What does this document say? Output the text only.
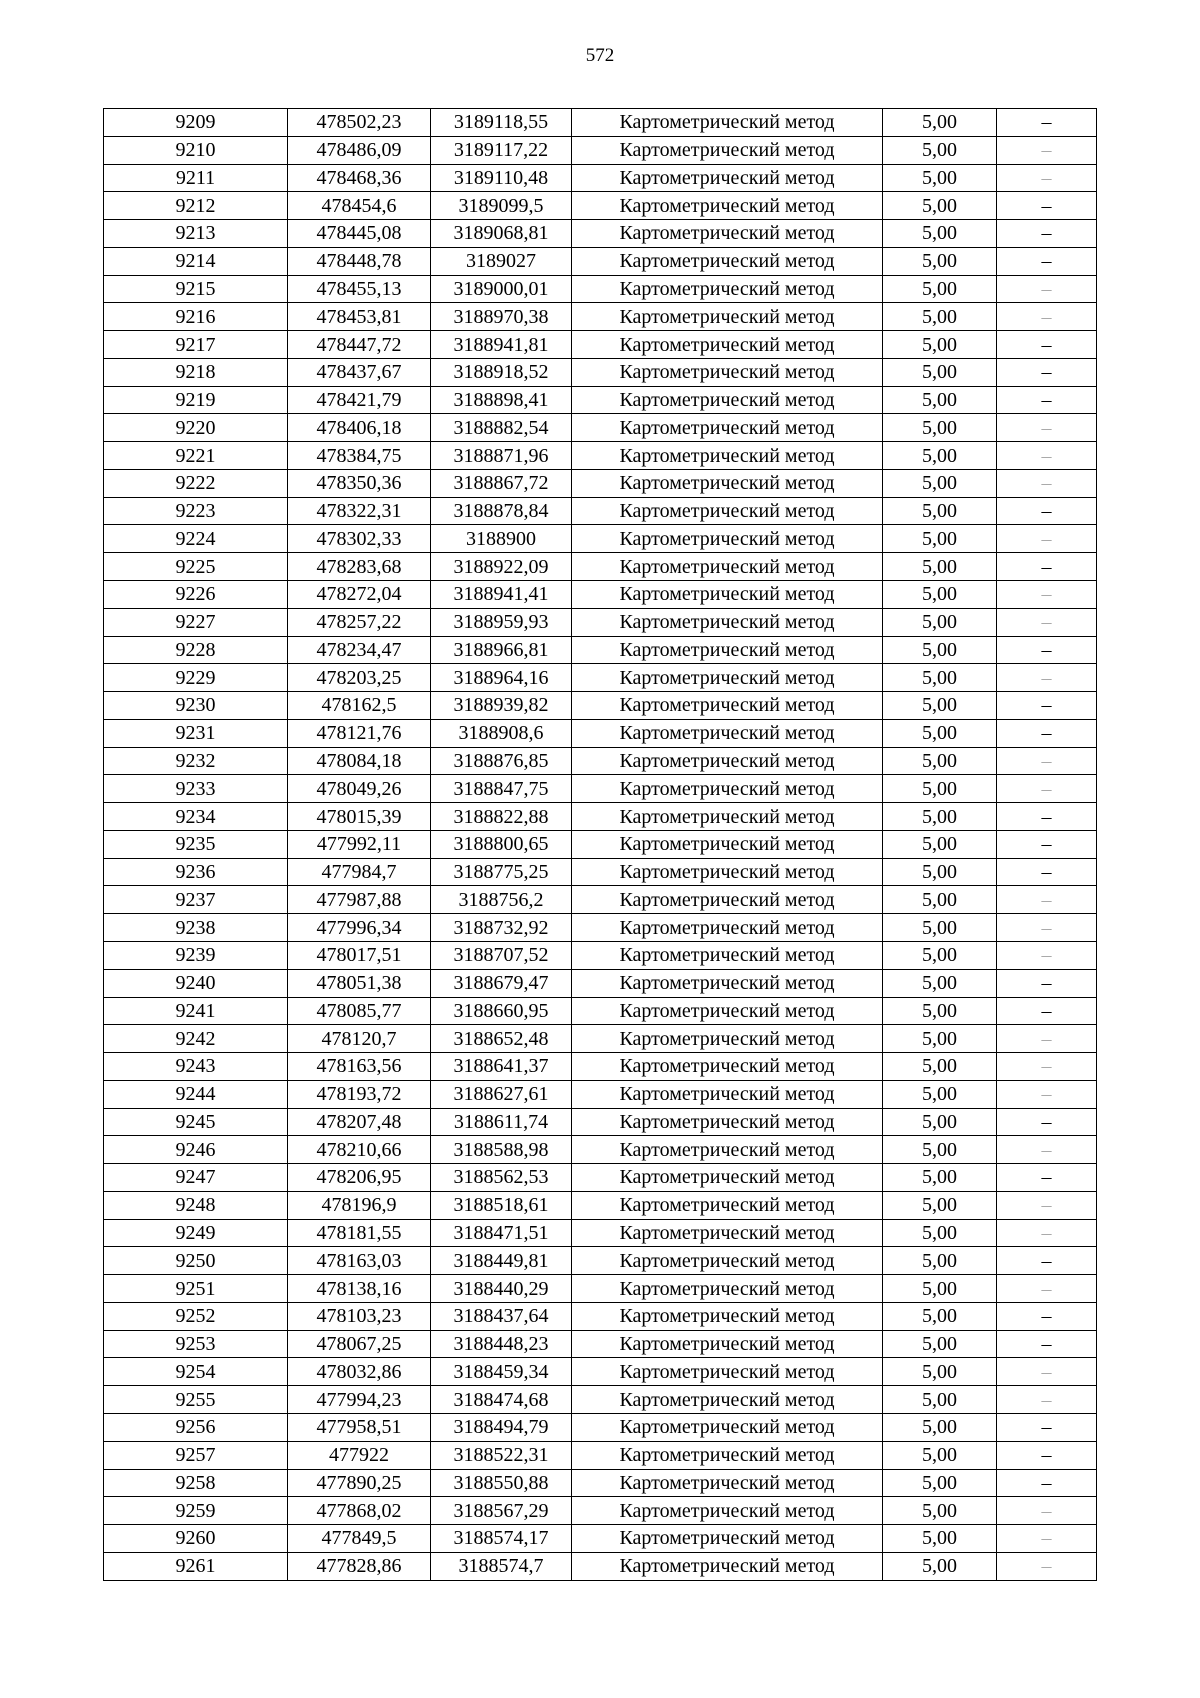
572
9209	478502,23	3189118,55	Картометрический метод	5,00	–
9210	478486,09	3189117,22	Картометрический метод	5,00	–
9211	478468,36	3189110,48	Картометрический метод	5,00	–
9212	478454,6	3189099,5	Картометрический метод	5,00	–
9213	478445,08	3189068,81	Картометрический метод	5,00	–
9214	478448,78	3189027	Картометрический метод	5,00	–
9215	478455,13	3189000,01	Картометрический метод	5,00	–
9216	478453,81	3188970,38	Картометрический метод	5,00	–
9217	478447,72	3188941,81	Картометрический метод	5,00	–
9218	478437,67	3188918,52	Картометрический метод	5,00	–
9219	478421,79	3188898,41	Картометрический метод	5,00	–
9220	478406,18	3188882,54	Картометрический метод	5,00	–
9221	478384,75	3188871,96	Картометрический метод	5,00	–
9222	478350,36	3188867,72	Картометрический метод	5,00	–
9223	478322,31	3188878,84	Картометрический метод	5,00	–
9224	478302,33	3188900	Картометрический метод	5,00	–
9225	478283,68	3188922,09	Картометрический метод	5,00	–
9226	478272,04	3188941,41	Картометрический метод	5,00	–
9227	478257,22	3188959,93	Картометрический метод	5,00	–
9228	478234,47	3188966,81	Картометрический метод	5,00	–
9229	478203,25	3188964,16	Картометрический метод	5,00	–
9230	478162,5	3188939,82	Картометрический метод	5,00	–
9231	478121,76	3188908,6	Картометрический метод	5,00	–
9232	478084,18	3188876,85	Картометрический метод	5,00	–
9233	478049,26	3188847,75	Картометрический метод	5,00	–
9234	478015,39	3188822,88	Картометрический метод	5,00	–
9235	477992,11	3188800,65	Картометрический метод	5,00	–
9236	477984,7	3188775,25	Картометрический метод	5,00	–
9237	477987,88	3188756,2	Картометрический метод	5,00	–
9238	477996,34	3188732,92	Картометрический метод	5,00	–
9239	478017,51	3188707,52	Картометрический метод	5,00	–
9240	478051,38	3188679,47	Картометрический метод	5,00	–
9241	478085,77	3188660,95	Картометрический метод	5,00	–
9242	478120,7	3188652,48	Картометрический метод	5,00	–
9243	478163,56	3188641,37	Картометрический метод	5,00	–
9244	478193,72	3188627,61	Картометрический метод	5,00	–
9245	478207,48	3188611,74	Картометрический метод	5,00	–
9246	478210,66	3188588,98	Картометрический метод	5,00	–
9247	478206,95	3188562,53	Картометрический метод	5,00	–
9248	478196,9	3188518,61	Картометрический метод	5,00	–
9249	478181,55	3188471,51	Картометрический метод	5,00	–
9250	478163,03	3188449,81	Картометрический метод	5,00	–
9251	478138,16	3188440,29	Картометрический метод	5,00	–
9252	478103,23	3188437,64	Картометрический метод	5,00	–
9253	478067,25	3188448,23	Картометрический метод	5,00	–
9254	478032,86	3188459,34	Картометрический метод	5,00	–
9255	477994,23	3188474,68	Картометрический метод	5,00	–
9256	477958,51	3188494,79	Картометрический метод	5,00	–
9257	477922	3188522,31	Картометрический метод	5,00	–
9258	477890,25	3188550,88	Картометрический метод	5,00	–
9259	477868,02	3188567,29	Картометрический метод	5,00	–
9260	477849,5	3188574,17	Картометрический метод	5,00	–
9261	477828,86	3188574,7	Картометрический метод	5,00	–
